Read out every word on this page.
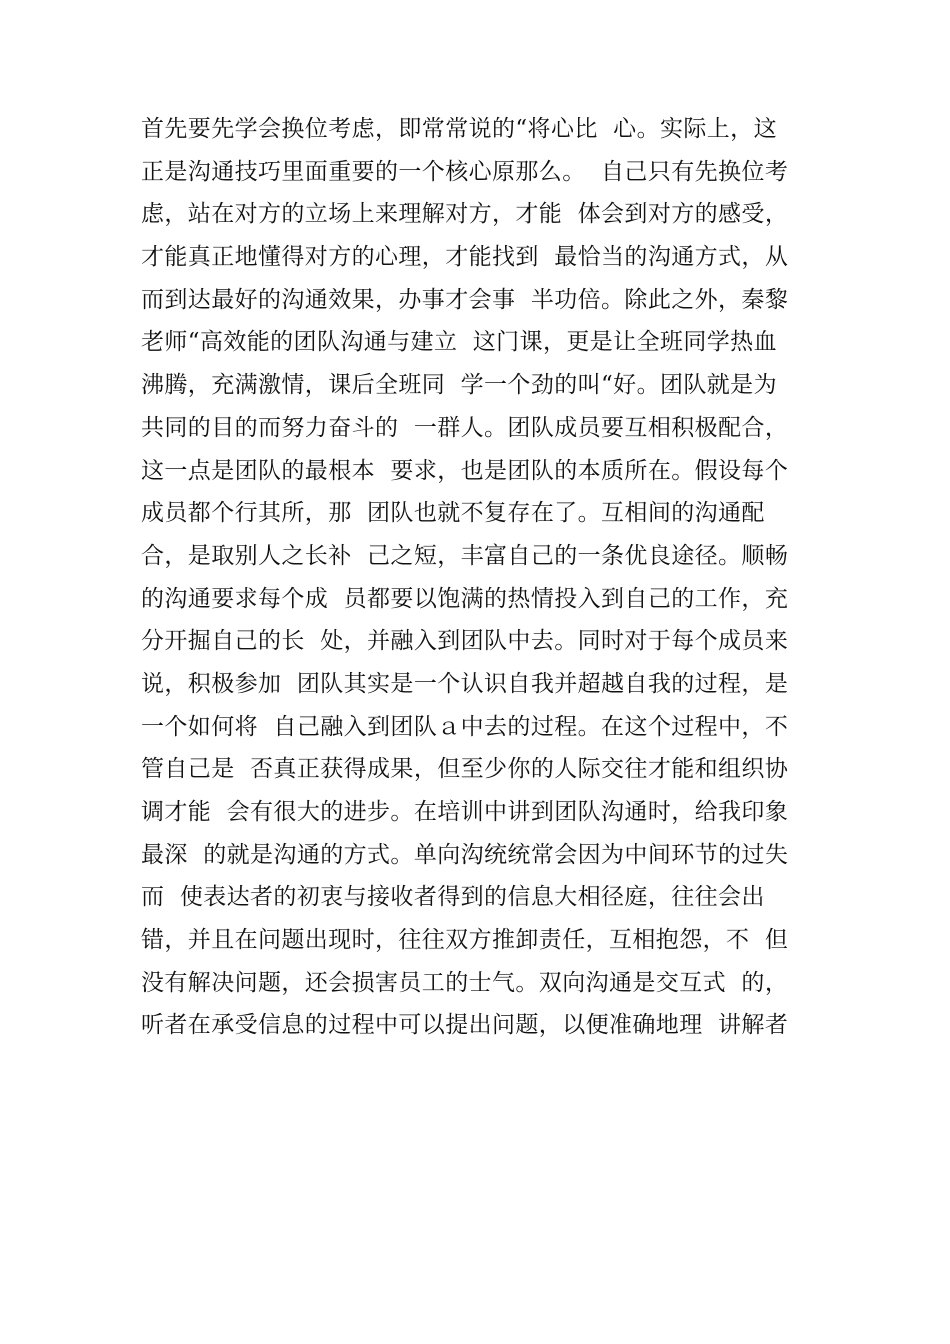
首先要先学会换位考虑，即常常说的“将心比  心。实际上，这
正是沟通技巧里面重要的一个核心原那么。  自己只有先换位考
虑，站在对方的立场上来理解对方，才能  体会到对方的感受，
才能真正地懂得对方的心理，才能找到  最恰当的沟通方式，从
而到达最好的沟通效果，办事才会事  半功倍。除此之外，秦黎
老师“高效能的团队沟通与建立  这门课，更是让全班同学热血
沸腾，充满激情，课后全班同  学一个劲的叫“好。团队就是为
共同的目的而努力奋斗的  一群人。团队成员要互相积极配合，
这一点是团队的最根本  要求，也是团队的本质所在。假设每个
成员都个行其所，那  团队也就不复存在了。互相间的沟通配
合，是取别人之长补  己之短，丰富自己的一条优良途径。顺畅
的沟通要求每个成  员都要以饱满的热情投入到自己的工作，充
分开掘自己的长  处，并融入到团队中去。同时对于每个成员来
说，积极参加  团队其实是一个认识自我并超越自我的过程，是
一个如何将  自己融入到团队ａ中去的过程。在这个过程中，不
管自己是  否真正获得成果，但至少你的人际交往才能和组织协
调才能  会有很大的进步。在培训中讲到团队沟通时，给我印象
最深  的就是沟通的方式。单向沟统统常会因为中间环节的过失
而  使表达者的初衷与接收者得到的信息大相径庭，往往会出
错，并且在问题出现时，往往双方推卸责任，互相抱怨，不  但
没有解决问题，还会损害员工的士气。双向沟通是交互式  的，
听者在承受信息的过程中可以提出问题，以便准确地理  讲解者
